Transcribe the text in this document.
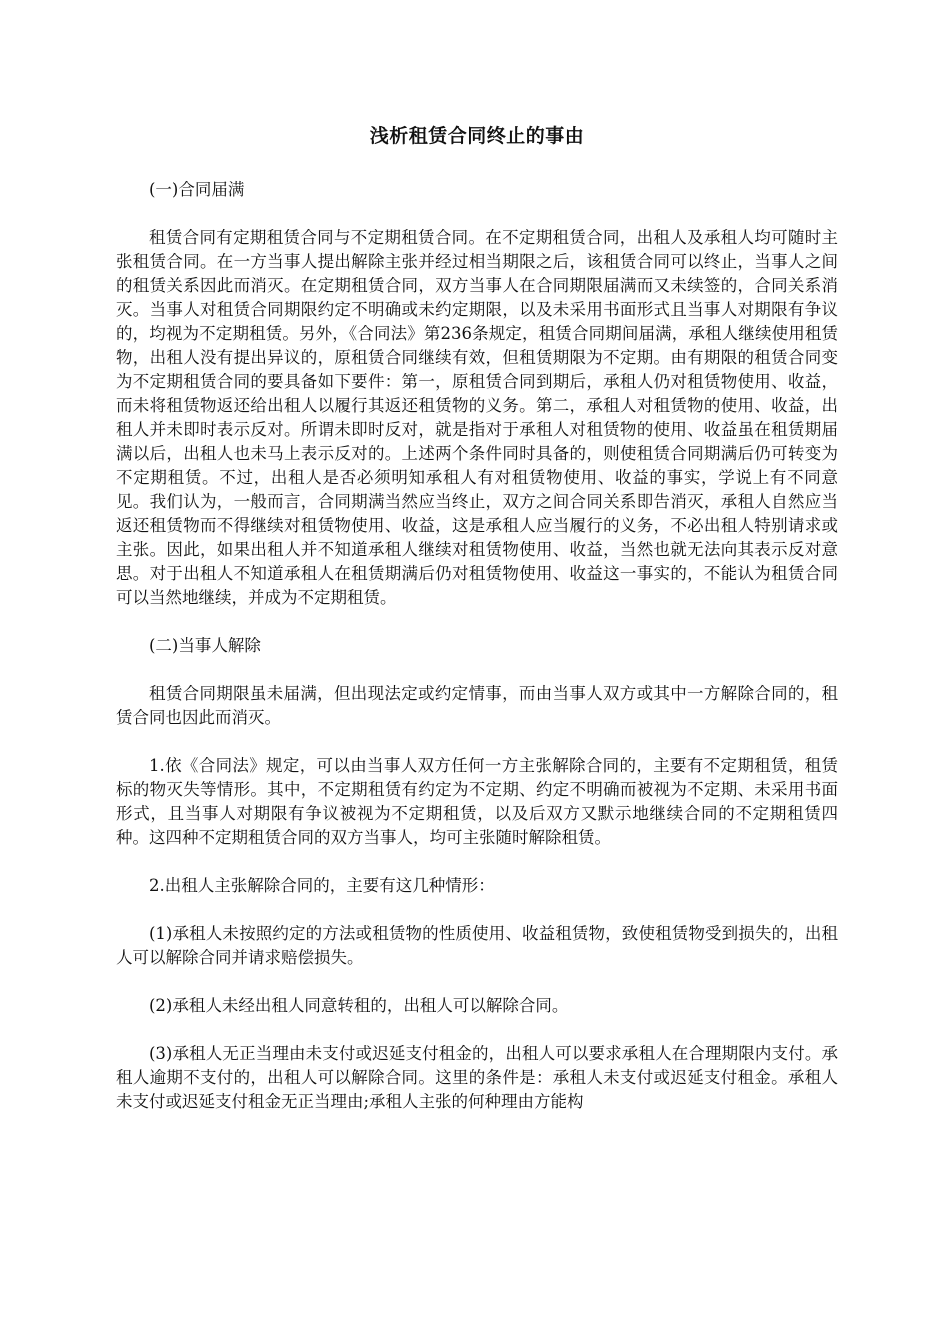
浅析租赁合同终止的事由

(一)合同届满

租赁合同有定期租赁合同与不定期租赁合同。在不定期租赁合同，出租人及承租人均可随时主张租赁合同。在一方当事人提出解除主张并经过相当期限之后，该租赁合同可以终止，当事人之间的租赁关系因此而消灭。在定期租赁合同，双方当事人在合同期限届满而又未续签的，合同关系消灭。当事人对租赁合同期限约定不明确或未约定期限，以及未采用书面形式且当事人对期限有争议的，均视为不定期租赁。另外，《合同法》第236条规定，租赁合同期间届满，承租人继续使用租赁物，出租人没有提出异议的，原租赁合同继续有效，但租赁期限为不定期。由有期限的租赁合同变为不定期租赁合同的要具备如下要件：第一，原租赁合同到期后，承租人仍对租赁物使用、收益，而未将租赁物返还给出租人以履行其返还租赁物的义务。第二，承租人对租赁物的使用、收益，出租人并未即时表示反对。所谓未即时反对，就是指对于承租人对租赁物的使用、收益虽在租赁期届满以后，出租人也未马上表示反对的。上述两个条件同时具备的，则使租赁合同期满后仍可转变为不定期租赁。不过，出租人是否必须明知承租人有对租赁物使用、收益的事实，学说上有不同意见。我们认为，一般而言，合同期满当然应当终止，双方之间合同关系即告消灭，承租人自然应当返还租赁物而不得继续对租赁物使用、收益，这是承租人应当履行的义务，不必出租人特别请求或主张。因此，如果出租人并不知道承租人继续对租赁物使用、收益，当然也就无法向其表示反对意思。对于出租人不知道承租人在租赁期满后仍对租赁物使用、收益这一事实的，不能认为租赁合同可以当然地继续，并成为不定期租赁。

(二)当事人解除

租赁合同期限虽未届满，但出现法定或约定情事，而由当事人双方或其中一方解除合同的，租赁合同也因此而消灭。

1.依《合同法》规定，可以由当事人双方任何一方主张解除合同的，主要有不定期租赁，租赁标的物灭失等情形。其中，不定期租赁有约定为不定期、约定不明确而被视为不定期、未采用书面形式，且当事人对期限有争议被视为不定期租赁，以及后双方又默示地继续合同的不定期租赁四种。这四种不定期租赁合同的双方当事人，均可主张随时解除租赁。

2.出租人主张解除合同的，主要有这几种情形：

(1)承租人未按照约定的方法或租赁物的性质使用、收益租赁物，致使租赁物受到损失的，出租人可以解除合同并请求赔偿损失。

(2)承租人未经出租人同意转租的，出租人可以解除合同。

(3)承租人无正当理由未支付或迟延支付租金的，出租人可以要求承租人在合理期限内支付。承租人逾期不支付的，出租人可以解除合同。这里的条件是：承租人未支付或迟延支付租金。承租人未支付或迟延支付租金无正当理由;承租人主张的何种理由方能构
